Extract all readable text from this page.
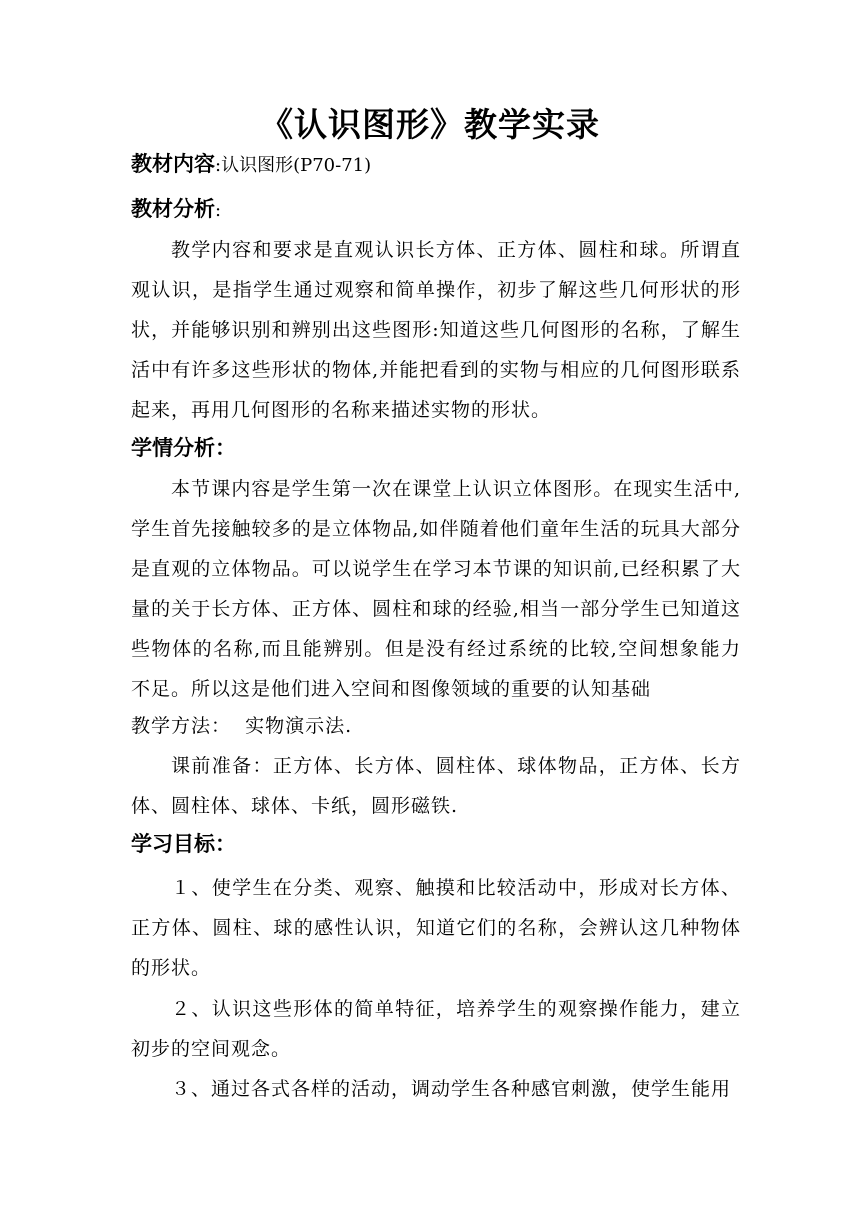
《认识图形》教学实录
教材内容:认识图形(P70-71)
教材分析:
教学内容和要求是直观认识长方体、正方体、圆柱和球。所谓直观认识，是指学生通过观察和简单操作，初步了解这些几何形状的形状，并能够识别和辨别出这些图形:知道这些几何图形的名称，了解生活中有许多这些形状的物体,并能把看到的实物与相应的几何图形联系起来，再用几何图形的名称来描述实物的形状。
学情分析：
本节课内容是学生第一次在课堂上认识立体图形。在现实生活中,学生首先接触较多的是立体物品,如伴随着他们童年生活的玩具大部分是直观的立体物品。可以说学生在学习本节课的知识前,已经积累了大量的关于长方体、正方体、圆柱和球的经验,相当一部分学生已知道这些物体的名称,而且能辨别。但是没有经过系统的比较,空间想象能力不足。所以这是他们进入空间和图像领域的重要的认知基础
教学方法：  实物演示法.
课前准备：正方体、长方体、圆柱体、球体物品，正方体、长方体、圆柱体、球体、卡纸，圆形磁铁.
学习目标：
１、使学生在分类、观察、触摸和比较活动中，形成对长方体、正方体、圆柱、球的感性认识，知道它们的名称，会辨认这几种物体的形状。
２、认识这些形体的简单特征，培养学生的观察操作能力，建立初步的空间观念。
３、通过各式各样的活动，调动学生各种感官刺激，使学生能用
